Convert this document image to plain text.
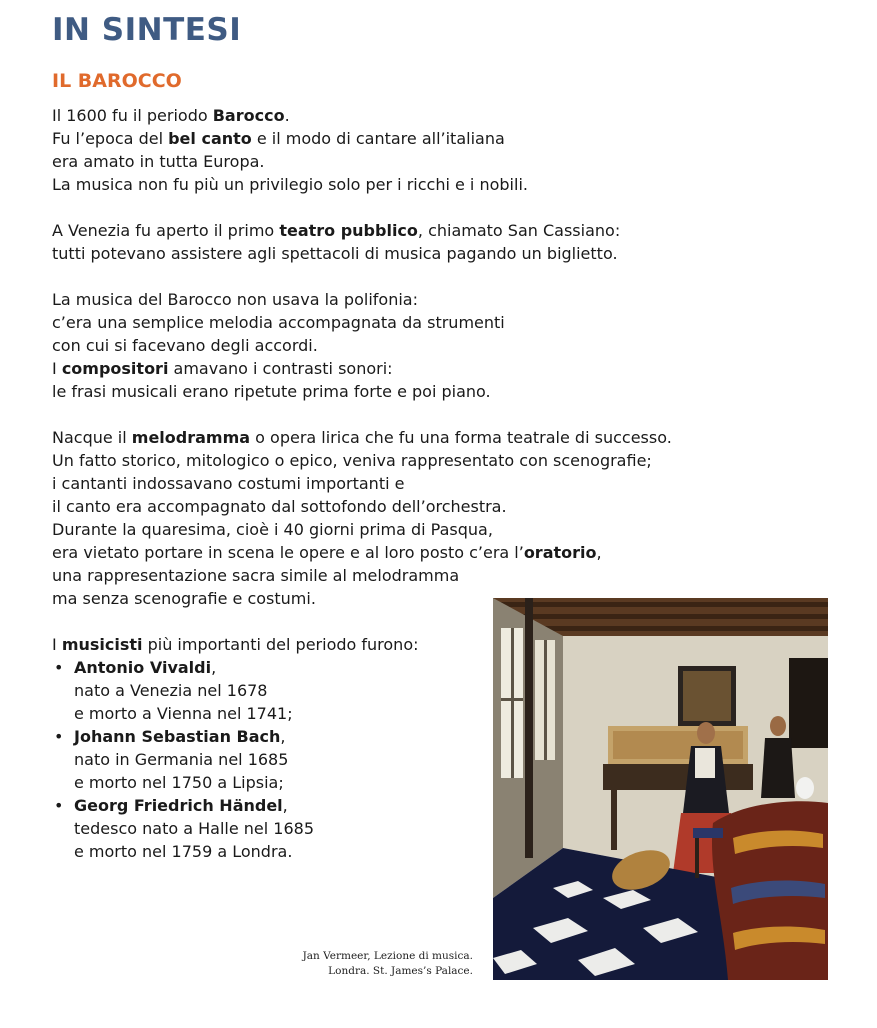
IN SINTESI
IL BAROCCO

Il 1600 fu il periodo Barocco.
Fu l’epoca del bel canto e il modo di cantare all’italiana
era amato in tutta Europa.
La musica non fu più un privilegio solo per i ricchi e i nobili.

A Venezia fu aperto il primo teatro pubblico, chiamato San Cassiano:
tutti potevano assistere agli spettacoli di musica pagando un biglietto.

La musica del Barocco non usava la polifonia:
c’era una semplice melodia accompagnata da strumenti
con cui si facevano degli accordi.
I compositori amavano i contrasti sonori:
le frasi musicali erano ripetute prima forte e poi piano.

Nacque il melodramma o opera lirica che fu una forma teatrale di successo.
Un fatto storico, mitologico o epico, veniva rappresentato con scenografie;
i cantanti indossavano costumi importanti e
il canto era accompagnato dal sottofondo dell’orchestra.
Durante la quaresima, cioè i 40 giorni prima di Pasqua,
era vietato portare in scena le opere e al loro posto c’era l’oratorio,
una rappresentazione sacra simile al melodramma
ma senza scenografie e costumi.

I musicisti più importanti del periodo furono:
• Antonio Vivaldi,
nato a Venezia nel 1678
e morto a Vienna nel 1741;
• Johann Sebastian Bach,
nato in Germania nel 1685
e morto nel 1750 a Lipsia;
• Georg Friedrich Händel,
tedesco nato a Halle nel 1685
e morto nel 1759 a Londra.
Jan Vermeer, Lezione di musica.
Londra. St. James’s Palace.
